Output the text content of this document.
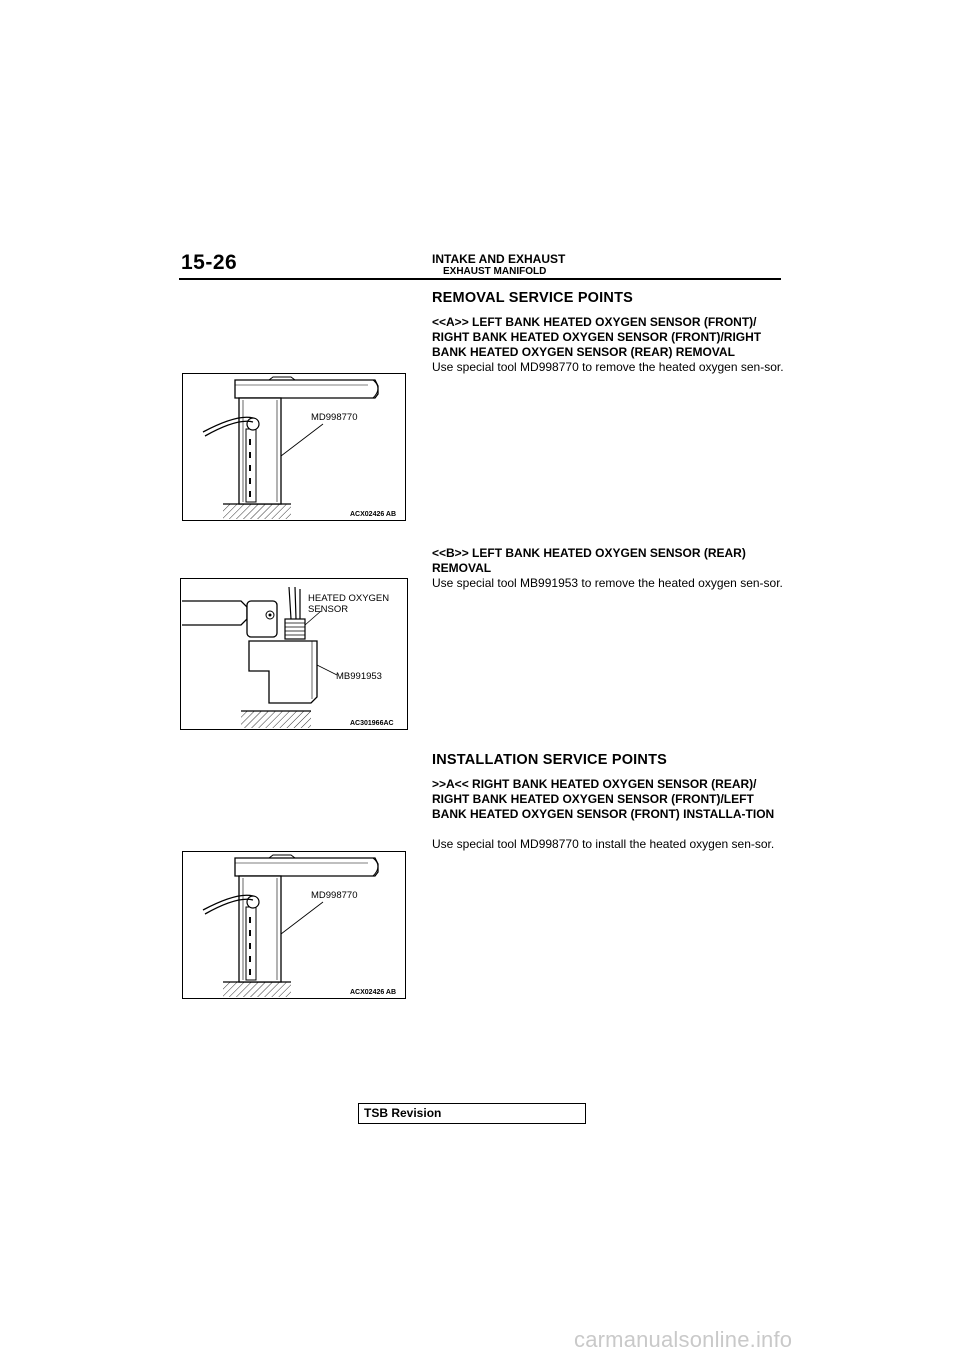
15-26	INTAKE AND EXHAUST
EXHAUST MANIFOLD
REMOVAL SERVICE POINTS
<<A>> LEFT BANK HEATED OXYGEN SENSOR (FRONT)/ RIGHT BANK HEATED OXYGEN SENSOR (FRONT)/RIGHT BANK HEATED OXYGEN SENSOR (REAR) REMOVAL
Use special tool MD998770 to remove the heated oxygen sen-sor.
<<B>> LEFT BANK HEATED OXYGEN SENSOR (REAR) REMOVAL
Use special tool MB991953 to remove the heated oxygen sen-sor.
INSTALLATION SERVICE POINTS
>>A<< RIGHT BANK HEATED OXYGEN SENSOR (REAR)/ RIGHT BANK HEATED OXYGEN SENSOR (FRONT)/LEFT BANK HEATED OXYGEN SENSOR (FRONT) INSTALLA-TION
Use special tool MD998770 to install the heated oxygen sen-sor.
MD998770
ACX02426 AB
HEATED OXYGEN
SENSOR
MB991953
AC301966AC
MD998770
ACX02426 AB
TSB Revision
carmanualsonline.info
